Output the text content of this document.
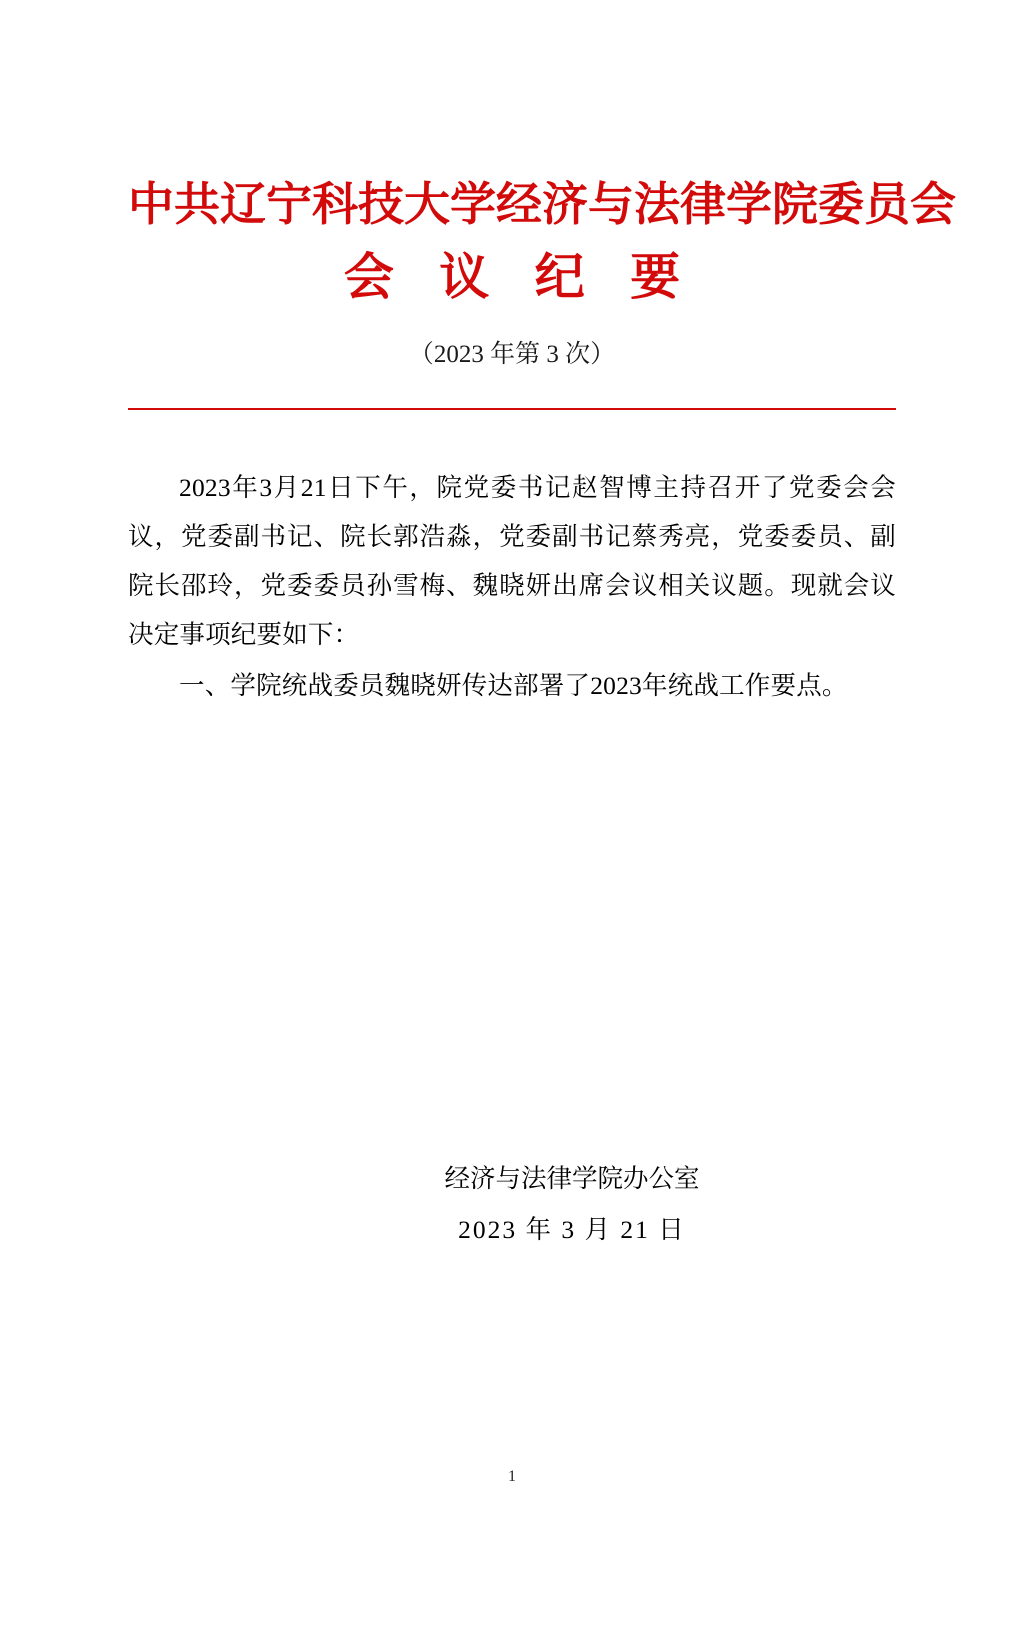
中共辽宁科技大学经济与法律学院委员会
会 议 纪 要
（2023 年第 3 次）

2023年3月21日下午，院党委书记赵智博主持召开了党委会会议，党委副书记、院长郭浩淼，党委副书记蔡秀亮，党委委员、副院长邵玲，党委委员孙雪梅、魏晓妍出席会议相关议题。现就会议决定事项纪要如下：

一、学院统战委员魏晓妍传达部署了2023年统战工作要点。

经济与法律学院办公室
2023 年 3 月 21 日
1
